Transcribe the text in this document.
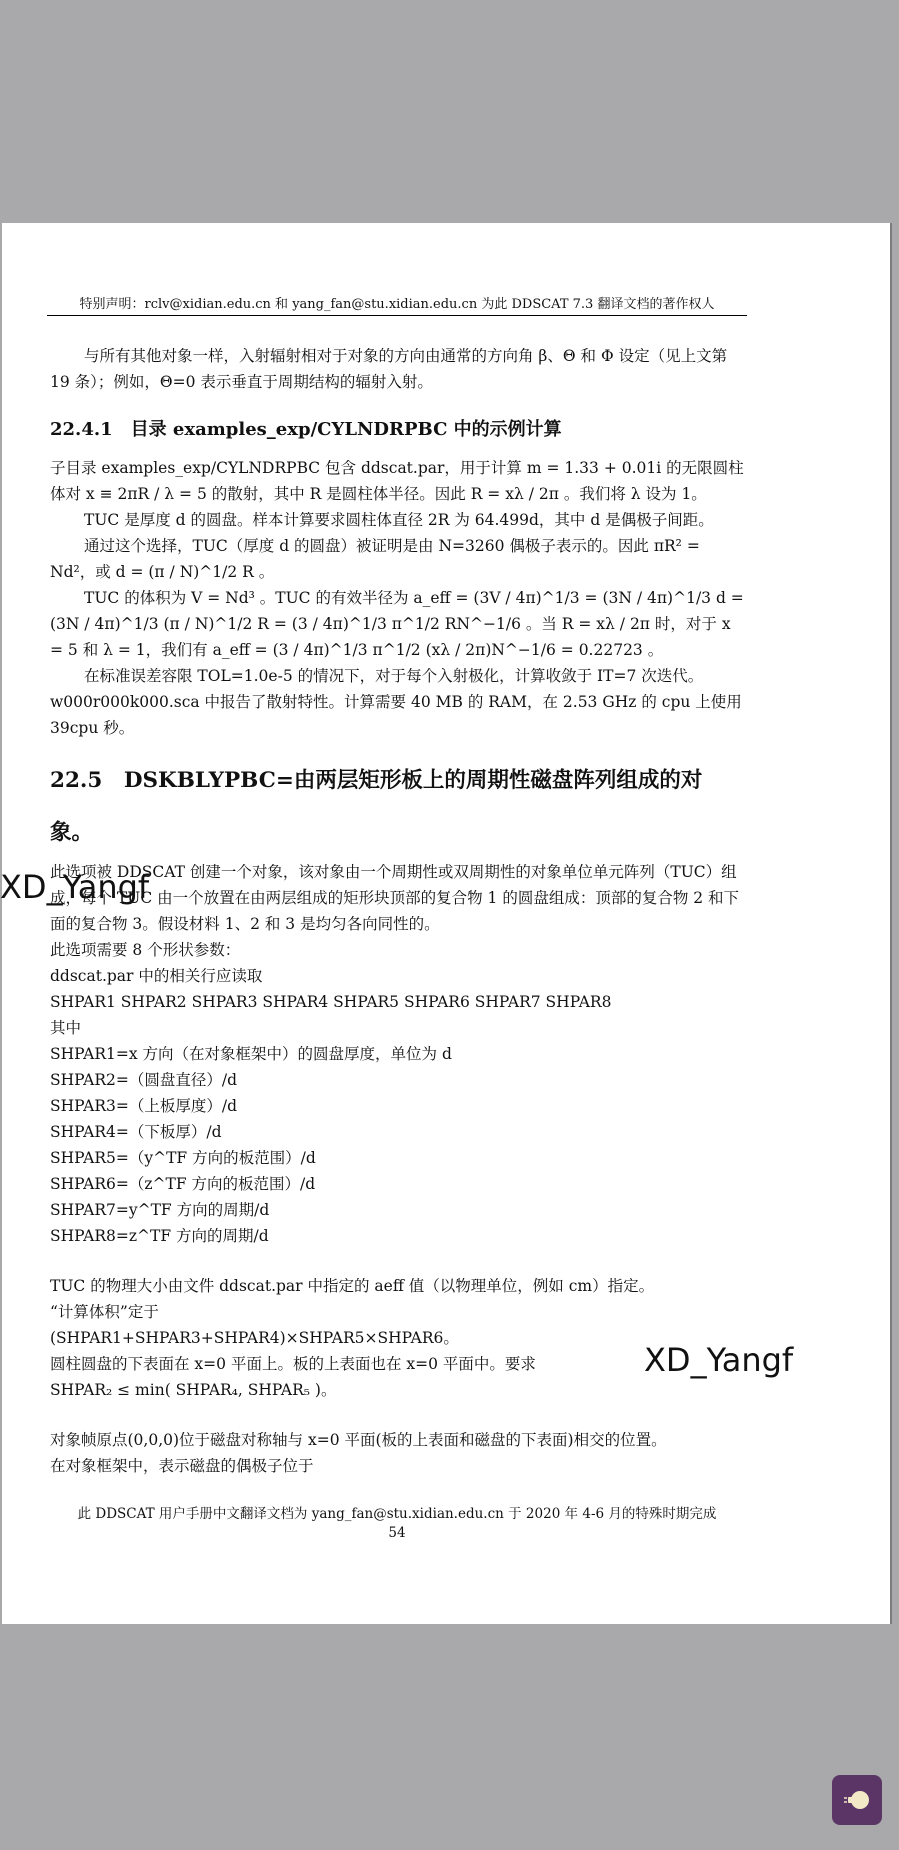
特别声明：rclv@xidian.edu.cn 和 yang_fan@stu.xidian.edu.cn 为此 DDSCAT 7.3 翻译文档的著作权人

与所有其他对象一样，入射辐射相对于对象的方向由通常的方向角 β、Θ 和 Φ 设定（见上文第 19 条）；例如，Θ=0 表示垂直于周期结构的辐射入射。

22.4.1　目录 examples_exp/CYLNDRPBC 中的示例计算

子目录 examples_exp/CYLNDRPBC 包含 ddscat.par，用于计算 m = 1.33 + 0.01i 的无限圆柱体对 x ≡ 2πR / λ = 5 的散射，其中 R 是圆柱体半径。因此 R = xλ / 2π 。我们将 λ 设为 1。

TUC 是厚度 d 的圆盘。样本计算要求圆柱体直径 2R 为 64.499d，其中 d 是偶极子间距。

通过这个选择，TUC（厚度 d 的圆盘）被证明是由 N=3260 偶极子表示的。因此 πR² = Nd²，或 d = (π / N)^1/2 R 。

TUC 的体积为 V = Nd³ 。TUC 的有效半径为 a_eff = (3V / 4π)^1/3 = (3N / 4π)^1/3 d = (3N / 4π)^1/3 (π / N)^1/2 R = (3 / 4π)^1/3 π^1/2 RN^−1/6 。当 R = xλ / 2π 时，对于 x = 5 和 λ = 1，我们有 a_eff = (3 / 4π)^1/3 π^1/2 (xλ / 2π)N^−1/6 = 0.22723 。

在标准误差容限 TOL=1.0e-5 的情况下，对于每个入射极化，计算收敛于 IT=7 次迭代。w000r000k000.sca 中报告了散射特性。计算需要 40 MB 的 RAM，在 2.53 GHz 的 cpu 上使用 39cpu 秒。

22.5　DSKBLYPBC=由两层矩形板上的周期性磁盘阵列组成的对
象。

此选项被 DDSCAT 创建一个对象，该对象由一个周期性或双周期性的对象单位单元阵列（TUC）组成，每个 TUC 由一个放置在由两层组成的矩形块顶部的复合物 1 的圆盘组成：顶部的复合物 2 和下面的复合物 3。假设材料 1、2 和 3 是均匀各向同性的。

此选项需要 8 个形状参数：

ddscat.par 中的相关行应读取

SHPAR1 SHPAR2 SHPAR3 SHPAR4 SHPAR5 SHPAR6 SHPAR7 SHPAR8

其中

SHPAR1=x 方向（在对象框架中）的圆盘厚度，单位为 d

SHPAR2=（圆盘直径）/d

SHPAR3=（上板厚度）/d

SHPAR4=（下板厚）/d

SHPAR5=（y^TF 方向的板范围）/d

SHPAR6=（z^TF 方向的板范围）/d

SHPAR7=y^TF 方向的周期/d

SHPAR8=z^TF 方向的周期/d

TUC 的物理大小由文件 ddscat.par 中指定的 aeff 值（以物理单位，例如 cm）指定。

“计算体积”定于

(SHPAR1+SHPAR3+SHPAR4)×SHPAR5×SHPAR6。

圆柱圆盘的下表面在 x=0 平面上。板的上表面也在 x=0 平面中。要求

SHPAR₂ ≤ min( SHPAR₄, SHPAR₅ )。

对象帧原点(0,0,0)位于磁盘对称轴与 x=0 平面(板的上表面和磁盘的下表面)相交的位置。

在对象框架中，表示磁盘的偶极子位于

XD_Yangf
XD_Yangf
此 DDSCAT 用户手册中文翻译文档为 yang_fan@stu.xidian.edu.cn 于 2020 年 4-6 月的特殊时期完成
54
